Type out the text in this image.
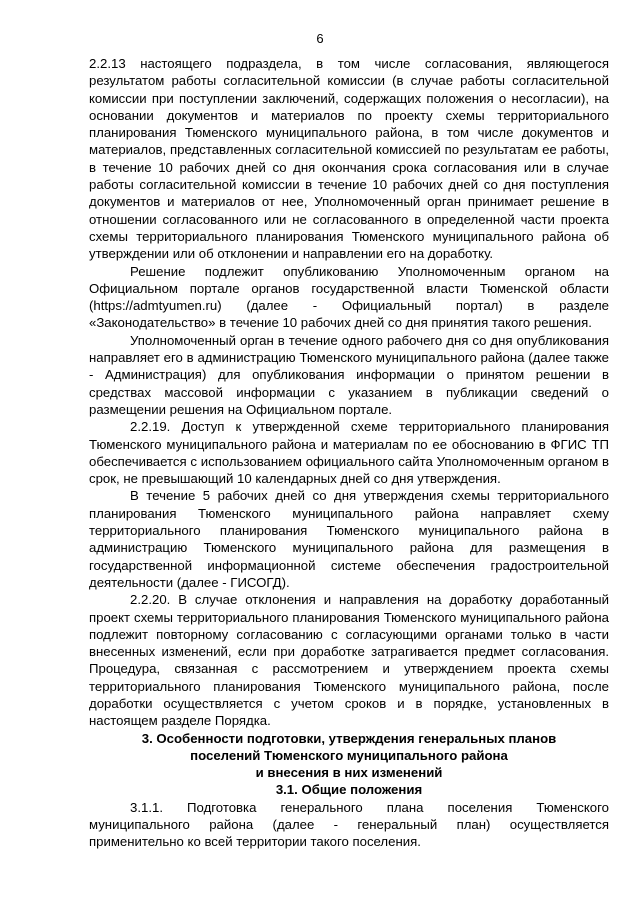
6

2.2.13 настоящего подраздела, в том числе согласования, являющегося результатом работы согласительной комиссии (в случае работы согласительной комиссии при поступлении заключений, содержащих положения о несогласии), на основании документов и материалов по проекту схемы территориального планирования Тюменского муниципального района, в том числе документов и материалов, представленных согласительной комиссией по результатам ее работы, в течение 10 рабочих дней со дня окончания срока согласования или в случае работы согласительной комиссии в течение 10 рабочих дней со дня поступления документов и материалов от нее, Уполномоченный орган принимает решение в отношении согласованного или не согласованного в определенной части проекта схемы территориального планирования Тюменского муниципального района об утверждении или об отклонении и направлении его на доработку.

Решение подлежит опубликованию Уполномоченным органом на Официальном портале органов государственной власти Тюменской области (https://admtyumen.ru) (далее - Официальный портал) в разделе «Законодательство» в течение 10 рабочих дней со дня принятия такого решения.

Уполномоченный орган в течение одного рабочего дня со дня опубликования направляет его в администрацию Тюменского муниципального района (далее также - Администрация) для опубликования информации о принятом решении в средствах массовой информации с указанием в публикации сведений о размещении решения на Официальном портале.

2.2.19. Доступ к утвержденной схеме территориального планирования Тюменского муниципального района и материалам по ее обоснованию в ФГИС ТП обеспечивается с использованием официального сайта Уполномоченным органом в срок, не превышающий 10 календарных дней со дня утверждения.

В течение 5 рабочих дней со дня утверждения схемы территориального планирования Тюменского муниципального района направляет схему территориального планирования Тюменского муниципального района в администрацию Тюменского муниципального района для размещения в государственной информационной системе обеспечения градостроительной деятельности (далее - ГИСОГД).

2.2.20. В случае отклонения и направления на доработку доработанный проект схемы территориального планирования Тюменского муниципального района подлежит повторному согласованию с согласующими органами только в части внесенных изменений, если при доработке затрагивается предмет согласования. Процедура, связанная с рассмотрением и утверждением проекта схемы территориального планирования Тюменского муниципального района, после доработки осуществляется с учетом сроков и в порядке, установленных в настоящем разделе Порядка.

3. Особенности подготовки, утверждения генеральных планов
поселений Тюменского муниципального района
и внесения в них изменений
3.1. Общие положения

3.1.1. Подготовка генерального плана поселения Тюменского муниципального района (далее - генеральный план) осуществляется применительно ко всей территории такого поселения.
